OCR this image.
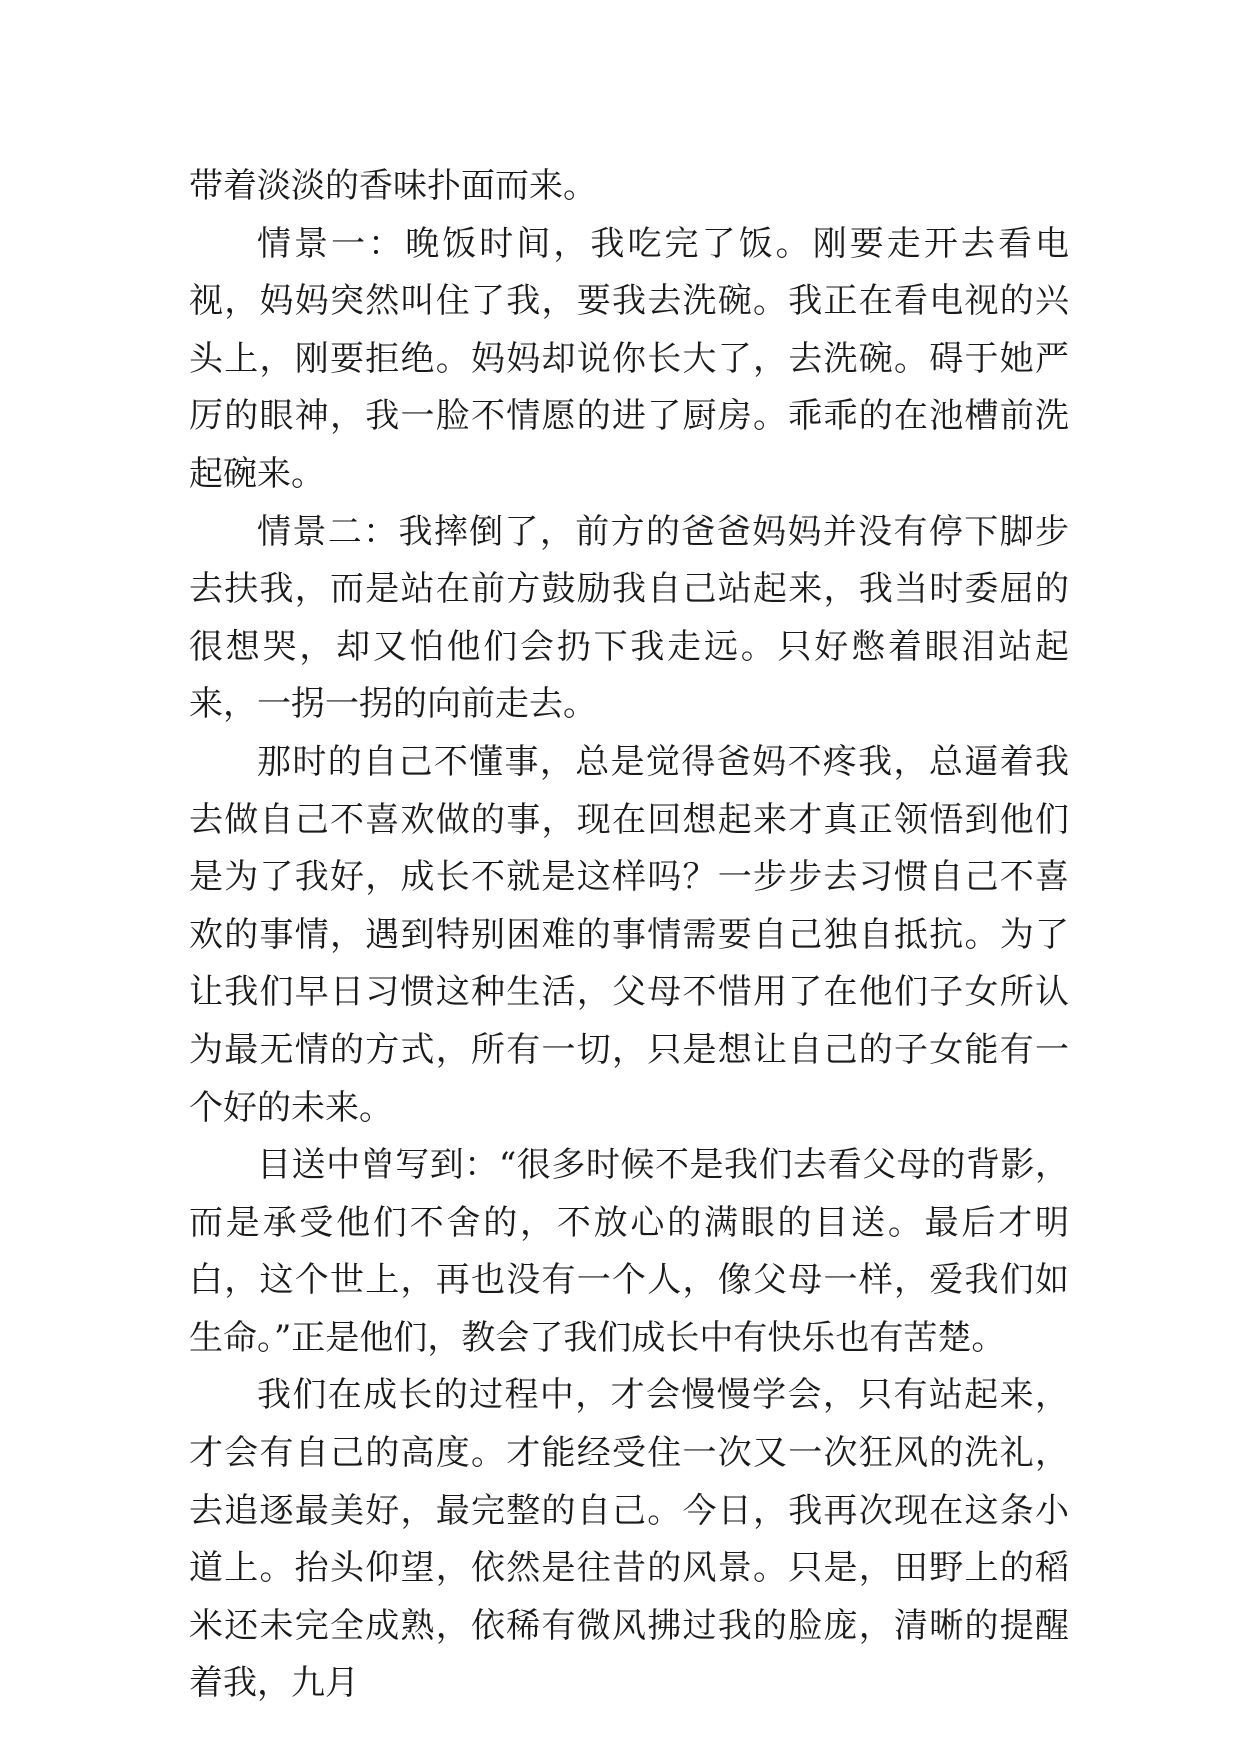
带着淡淡的香味扑面而来。

情景一：晚饭时间，我吃完了饭。刚要走开去看电视，妈妈突然叫住了我，要我去洗碗。我正在看电视的兴头上，刚要拒绝。妈妈却说你长大了，去洗碗。碍于她严厉的眼神，我一脸不情愿的进了厨房。乖乖的在池槽前洗起碗来。

情景二：我摔倒了，前方的爸爸妈妈并没有停下脚步去扶我，而是站在前方鼓励我自己站起来，我当时委屈的很想哭，却又怕他们会扔下我走远。只好憋着眼泪站起来，一拐一拐的向前走去。

那时的自己不懂事，总是觉得爸妈不疼我，总逼着我去做自己不喜欢做的事，现在回想起来才真正领悟到他们是为了我好，成长不就是这样吗？一步步去习惯自己不喜欢的事情，遇到特别困难的事情需要自己独自抵抗。为了让我们早日习惯这种生活，父母不惜用了在他们子女所认为最无情的方式，所有一切，只是想让自己的子女能有一个好的未来。

目送中曾写到：“很多时候不是我们去看父母的背影，而是承受他们不舍的，不放心的满眼的目送。最后才明白，这个世上，再也没有一个人，像父母一样，爱我们如生命。”正是他们，教会了我们成长中有快乐也有苦楚。

我们在成长的过程中，才会慢慢学会，只有站起来，才会有自己的高度。才能经受住一次又一次狂风的洗礼，去追逐最美好，最完整的自己。今日，我再次现在这条小道上。抬头仰望，依然是往昔的风景。只是，田野上的稻米还未完全成熟，依稀有微风拂过我的脸庞，清晰的提醒着我，九月
